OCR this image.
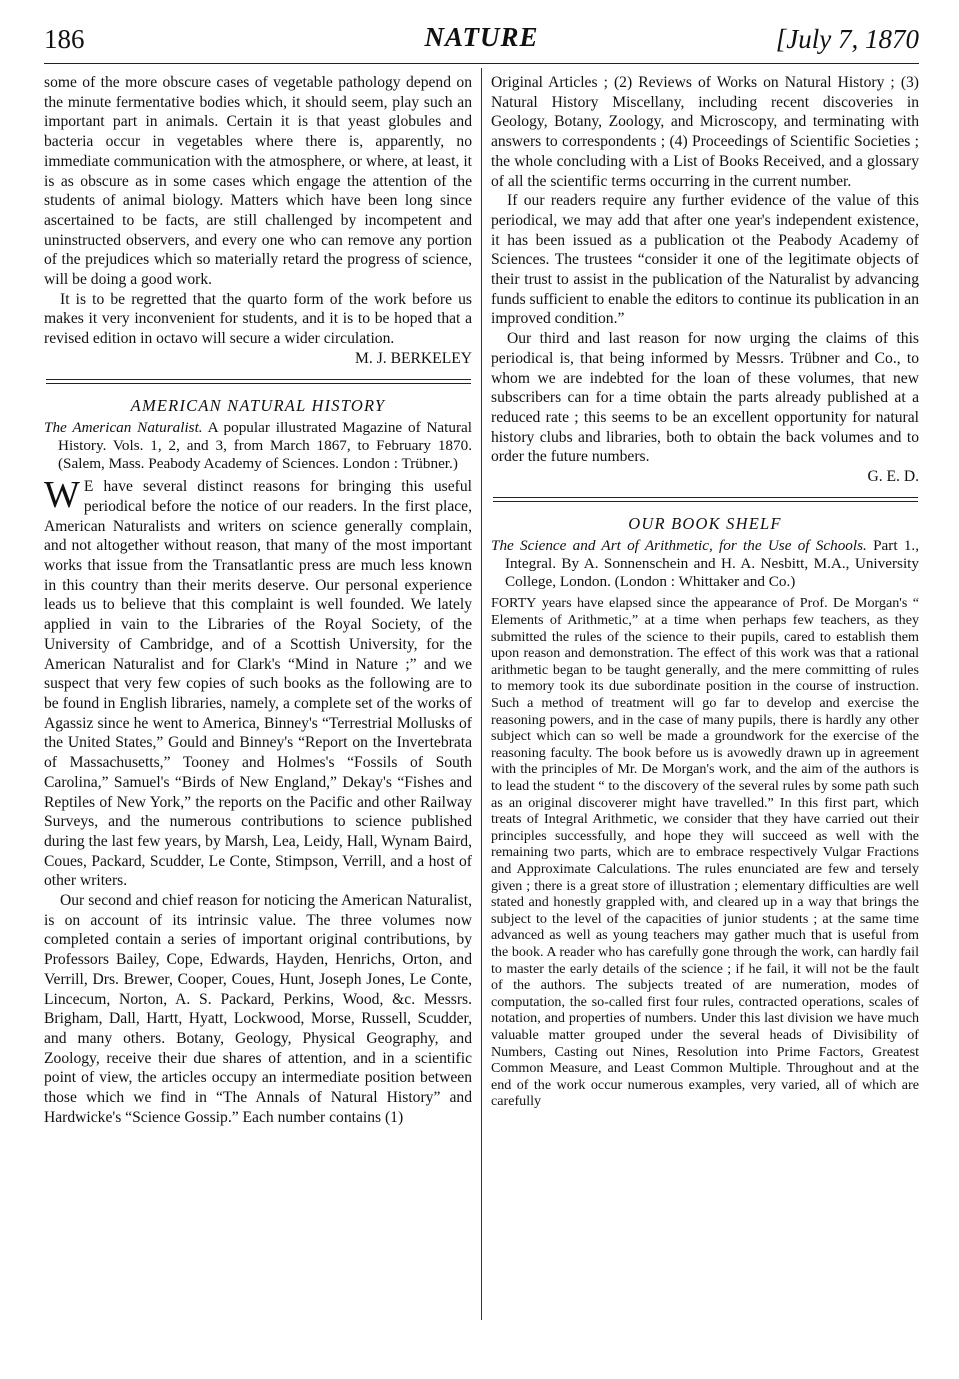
186	NATURE	[July 7, 1870

some of the more obscure cases of vegetable pathology depend on the minute fermentative bodies which, it should seem, play such an important part in animals. Certain it is that yeast globules and bacteria occur in vegetables where there is, apparently, no immediate communication with the atmosphere, or where, at least, it is as obscure as in some cases which engage the attention of the students of animal biology. Matters which have been long since ascertained to be facts, are still challenged by incompetent and uninstructed observers, and every one who can remove any portion of the prejudices which so materially retard the progress of science, will be doing a good work.

It is to be regretted that the quarto form of the work before us makes it very inconvenient for students, and it is to be hoped that a revised edition in octavo will secure a wider circulation.
M. J. BERKELEY

AMERICAN NATURAL HISTORY
The American Naturalist. A popular illustrated Magazine of Natural History. Vols. 1, 2, and 3, from March 1867, to February 1870. (Salem, Mass. Peabody Academy of Sciences. London : Trübner.)

W E have several distinct reasons for bringing this useful periodical before the notice of our readers. In the first place, American Naturalists and writers on science generally complain, and not altogether without reason, that many of the most important works that issue from the Transatlantic press are much less known in this country than their merits deserve. Our personal experience leads us to believe that this complaint is well founded. We lately applied in vain to the Libraries of the Royal Society, of the University of Cambridge, and of a Scottish University, for the American Naturalist and for Clark's “Mind in Nature ;” and we suspect that very few copies of such books as the following are to be found in English libraries, namely, a complete set of the works of Agassiz since he went to America, Binney's “Terrestrial Mollusks of the United States,” Gould and Binney's “Report on the Invertebrata of Massachusetts,” Tooney and Holmes's “Fossils of South Carolina,” Samuel's “Birds of New England,” Dekay's “Fishes and Reptiles of New York,” the reports on the Pacific and other Railway Surveys, and the numerous contributions to science published during the last few years, by Marsh, Lea, Leidy, Hall, Wynam Baird, Coues, Packard, Scudder, Le Conte, Stimpson, Verrill, and a host of other writers.

Our second and chief reason for noticing the American Naturalist, is on account of its intrinsic value. The three volumes now completed contain a series of important original contributions, by Professors Bailey, Cope, Edwards, Hayden, Henrichs, Orton, and Verrill, Drs. Brewer, Cooper, Coues, Hunt, Joseph Jones, Le Conte, Lincecum, Norton, A. S. Packard, Perkins, Wood, &c. Messrs. Brigham, Dall, Hartt, Hyatt, Lockwood, Morse, Russell, Scudder, and many others. Botany, Geology, Physical Geography, and Zoology, receive their due shares of attention, and in a scientific point of view, the articles occupy an intermediate position between those which we find in “The Annals of Natural History” and Hardwicke's “Science Gossip.” Each number contains (1)

Original Articles ; (2) Reviews of Works on Natural History ; (3) Natural History Miscellany, including recent discoveries in Geology, Botany, Zoology, and Microscopy, and terminating with answers to correspondents ; (4) Proceedings of Scientific Societies ; the whole concluding with a List of Books Received, and a glossary of all the scientific terms occurring in the current number.

If our readers require any further evidence of the value of this periodical, we may add that after one year's independent existence, it has been issued as a publication ot the Peabody Academy of Sciences. The trustees “consider it one of the legitimate objects of their trust to assist in the publication of the Naturalist by advancing funds sufficient to enable the editors to continue its publication in an improved condition.”

Our third and last reason for now urging the claims of this periodical is, that being informed by Messrs. Trübner and Co., to whom we are indebted for the loan of these volumes, that new subscribers can for a time obtain the parts already published at a reduced rate ; this seems to be an excellent opportunity for natural history clubs and libraries, both to obtain the back volumes and to order the future numbers.
G. E. D.

OUR BOOK SHELF
The Science and Art of Arithmetic, for the Use of Schools. Part 1., Integral. By A. Sonnenschein and H. A. Nesbitt, M.A., University College, London. (London : Whittaker and Co.)

FORTY years have elapsed since the appearance of Prof. De Morgan's “ Elements of Arithmetic,” at a time when perhaps few teachers, as they submitted the rules of the science to their pupils, cared to establish them upon reason and demonstration. The effect of this work was that a rational arithmetic began to be taught generally, and the mere committing of rules to memory took its due subordinate position in the course of instruction. Such a method of treatment will go far to develop and exercise the reasoning powers, and in the case of many pupils, there is hardly any other subject which can so well be made a groundwork for the exercise of the reasoning faculty. The book before us is avowedly drawn up in agreement with the principles of Mr. De Morgan's work, and the aim of the authors is to lead the student “ to the discovery of the several rules by some path such as an original discoverer might have travelled.” In this first part, which treats of Integral Arithmetic, we consider that they have carried out their principles successfully, and hope they will succeed as well with the remaining two parts, which are to embrace respectively Vulgar Fractions and Approximate Calculations. The rules enunciated are few and tersely given ; there is a great store of illustration ; elementary difficulties are well stated and honestly grappled with, and cleared up in a way that brings the subject to the level of the capacities of junior students ; at the same time advanced as well as young teachers may gather much that is useful from the book. A reader who has carefully gone through the work, can hardly fail to master the early details of the science ; if he fail, it will not be the fault of the authors. The subjects treated of are numeration, modes of computation, the so-called first four rules, contracted operations, scales of notation, and properties of numbers. Under this last division we have much valuable matter grouped under the several heads of Divisibility of Numbers, Casting out Nines, Resolution into Prime Factors, Greatest Common Measure, and Least Common Multiple. Throughout and at the end of the work occur numerous examples, very varied, all of which are carefully
